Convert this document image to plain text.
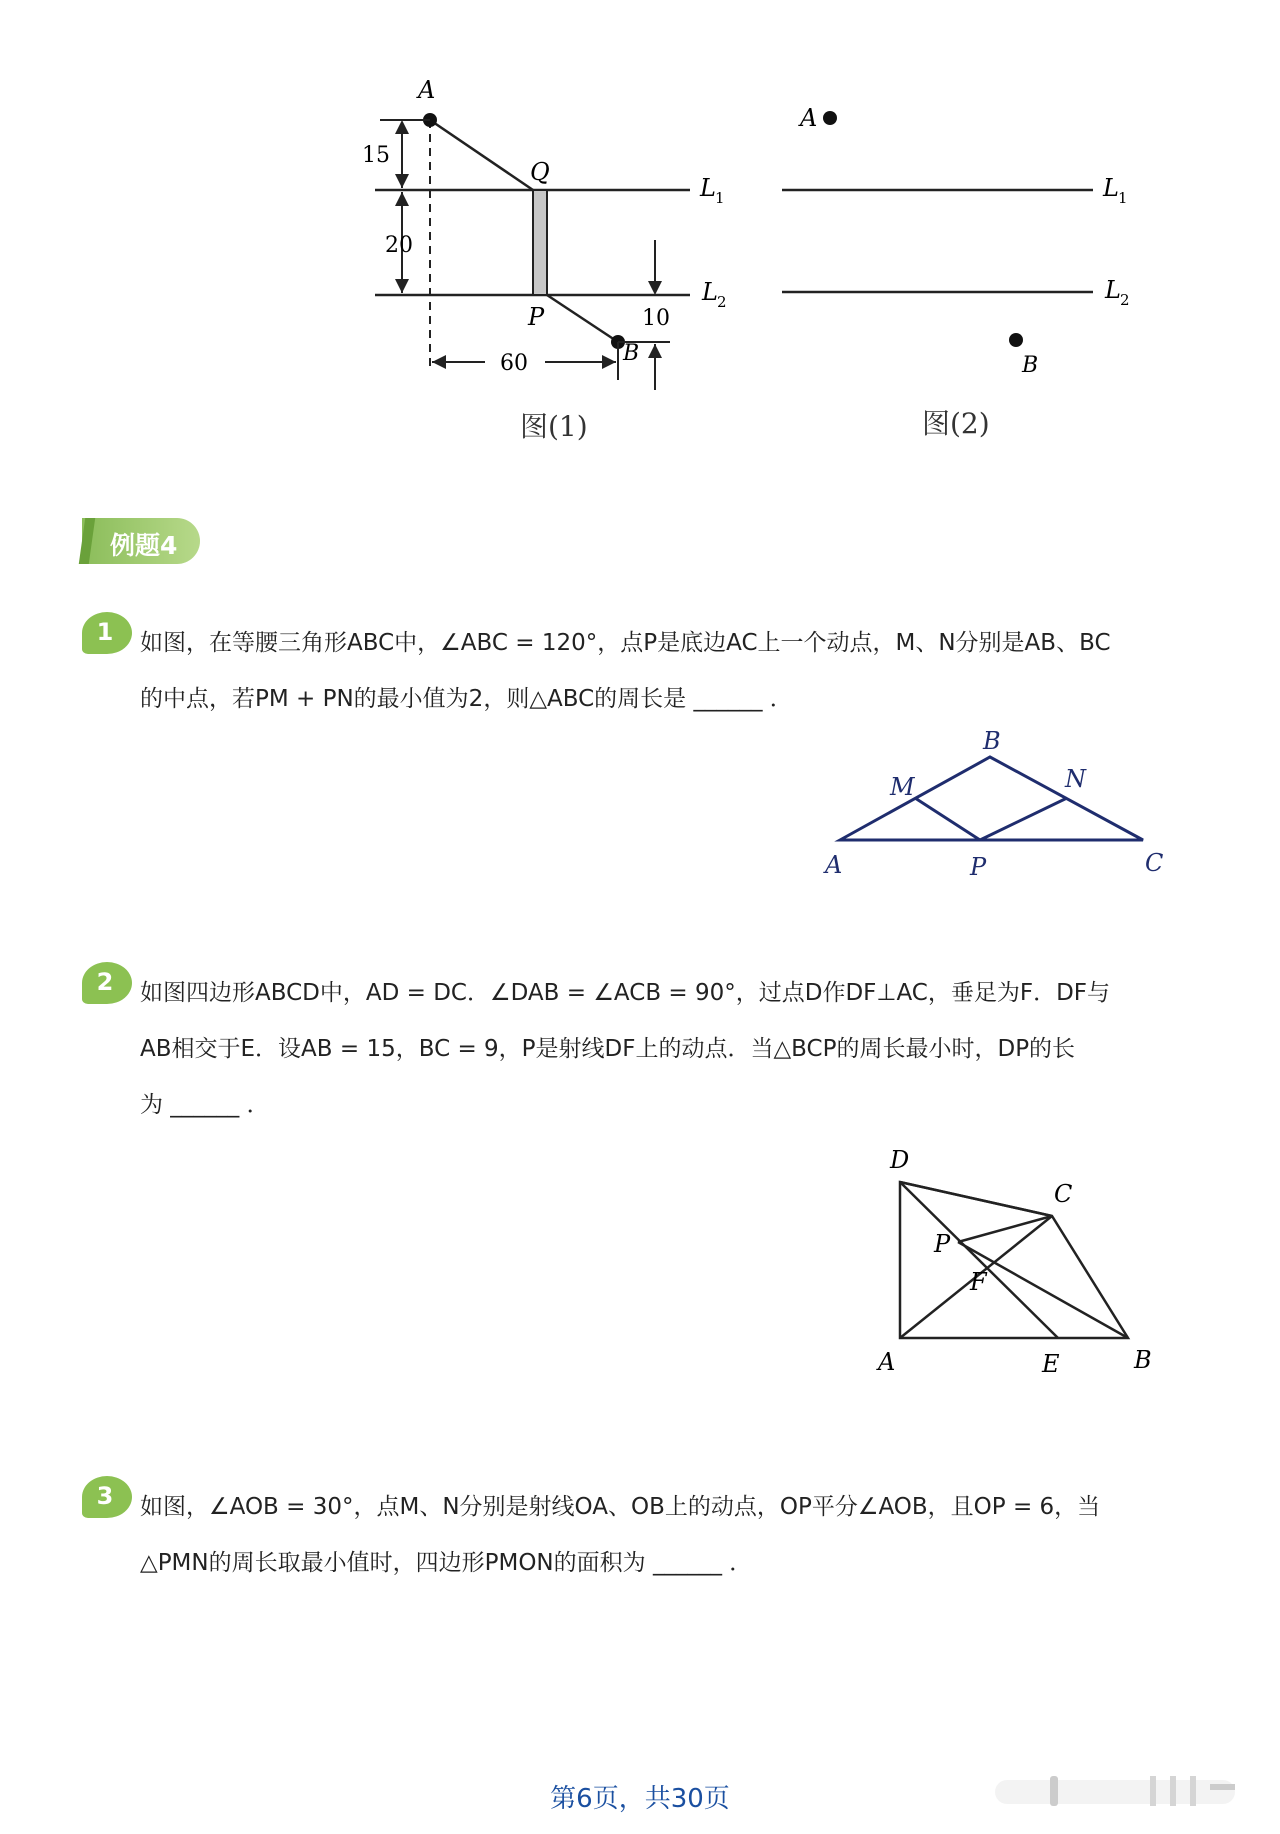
A
Q
P
B
L 1
L 2
15
20
10
60
A
B
L 1
L 2
图(1)	图(2)
例题4
1	如图，在等腰三角形ABC中，∠ABC = 120°，点P是底边AC上一个动点，M、N分别是AB、BC
的中点，若PM + PN的最小值为2，则△ABC的周长是 ______ ．
B
M	N
A	P	C
2	如图四边形ABCD中，AD = DC．∠DAB = ∠ACB = 90°，过点D作DF⊥AC，垂足为F．DF与
AB相交于E．设AB = 15，BC = 9，P是射线DF上的动点．当△BCP的周长最小时，DP的长
为 ______ ．
D
C
P
F
A	E	B
3	如图，∠AOB = 30°，点M、N分别是射线OA、OB上的动点，OP平分∠AOB，且OP = 6，当
△PMN的周长取最小值时，四边形PMON的面积为 ______ ．
第6页，共30页
